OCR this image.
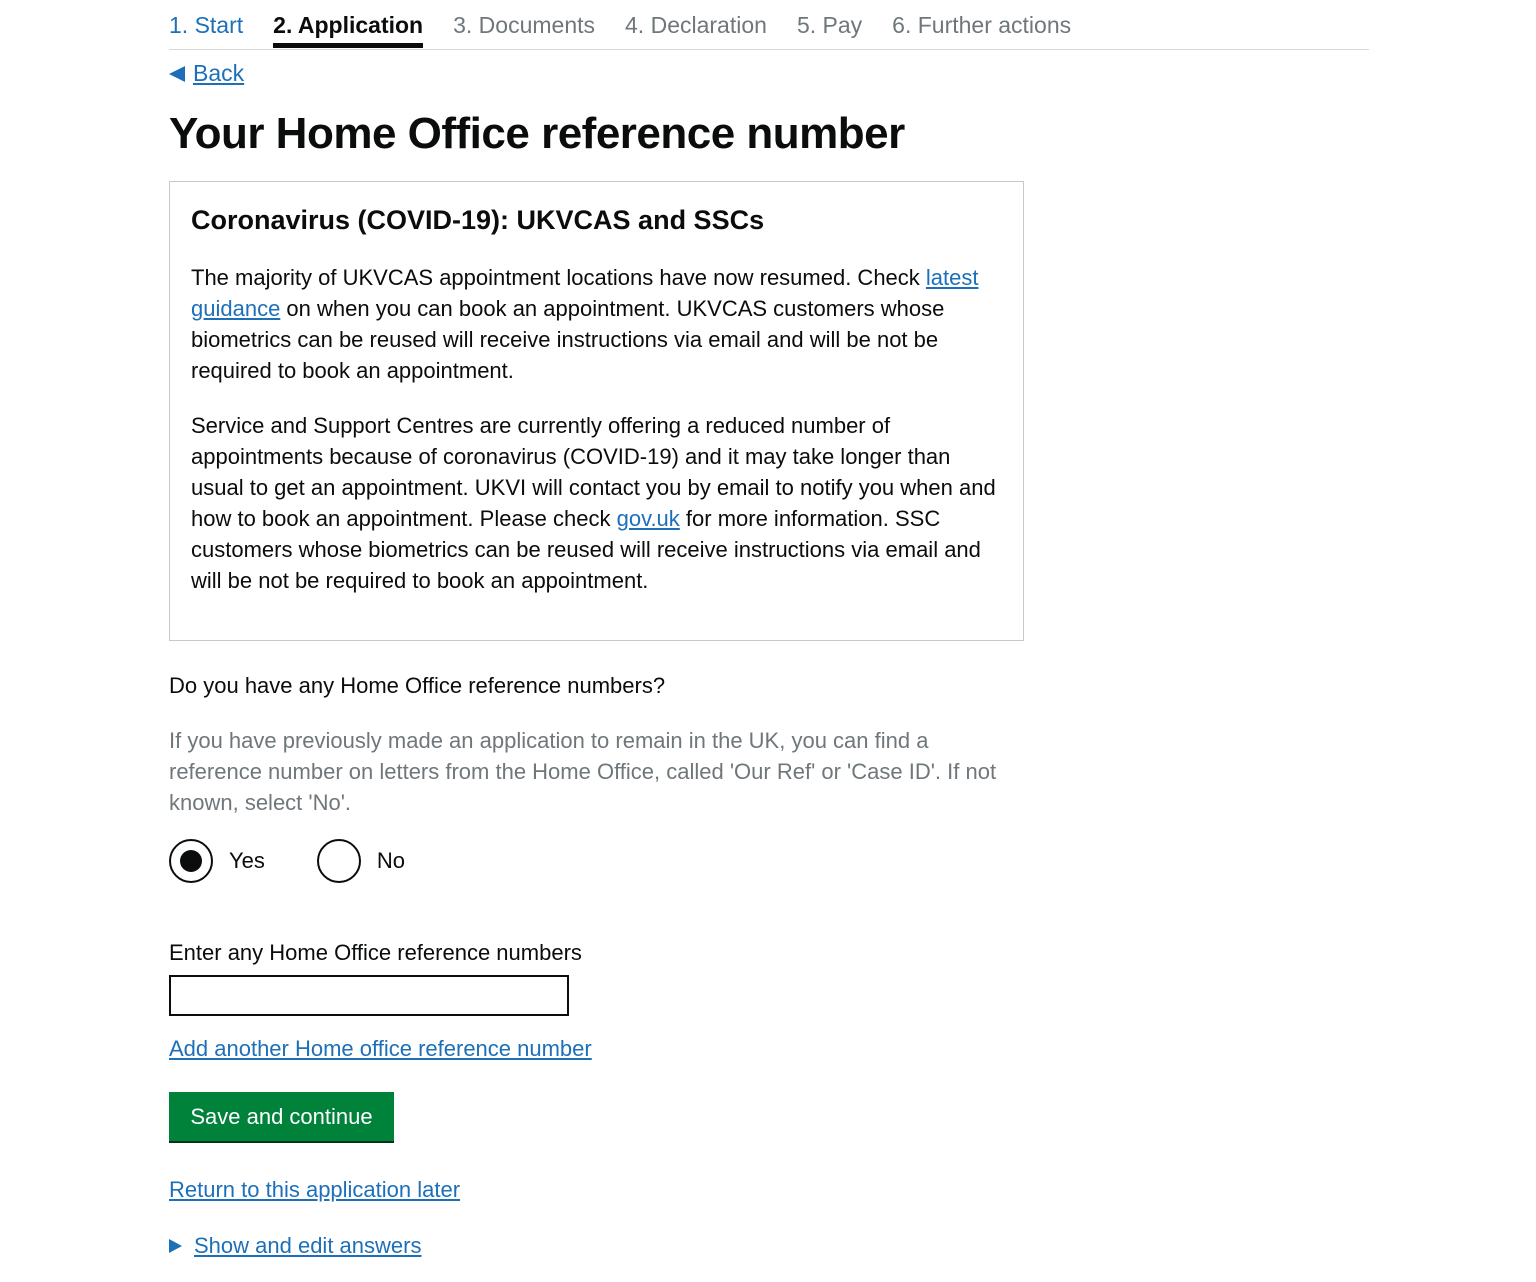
1. Start 2. Application 3. Documents 4. Declaration 5. Pay 6. Further actions
Back
Your Home Office reference number
Coronavirus (COVID-19): UKVCAS and SSCs

The majority of UKVCAS appointment locations have now resumed. Check latest guidance on when you can book an appointment. UKVCAS customers whose biometrics can be reused will receive instructions via email and will be not be required to book an appointment.

Service and Support Centres are currently offering a reduced number of appointments because of coronavirus (COVID-19) and it may take longer than usual to get an appointment. UKVI will contact you by email to notify you when and how to book an appointment. Please check gov.uk for more information. SSC customers whose biometrics can be reused will receive instructions via email and will be not be required to book an appointment.

Do you have any Home Office reference numbers?
If you have previously made an application to remain in the UK, you can find a reference number on letters from the Home Office, called 'Our Ref' or 'Case ID'. If not known, select 'No'.
Yes	No
Enter any Home Office reference numbers
Add another Home office reference number
Save and continue
Return to this application later
Show and edit answers
